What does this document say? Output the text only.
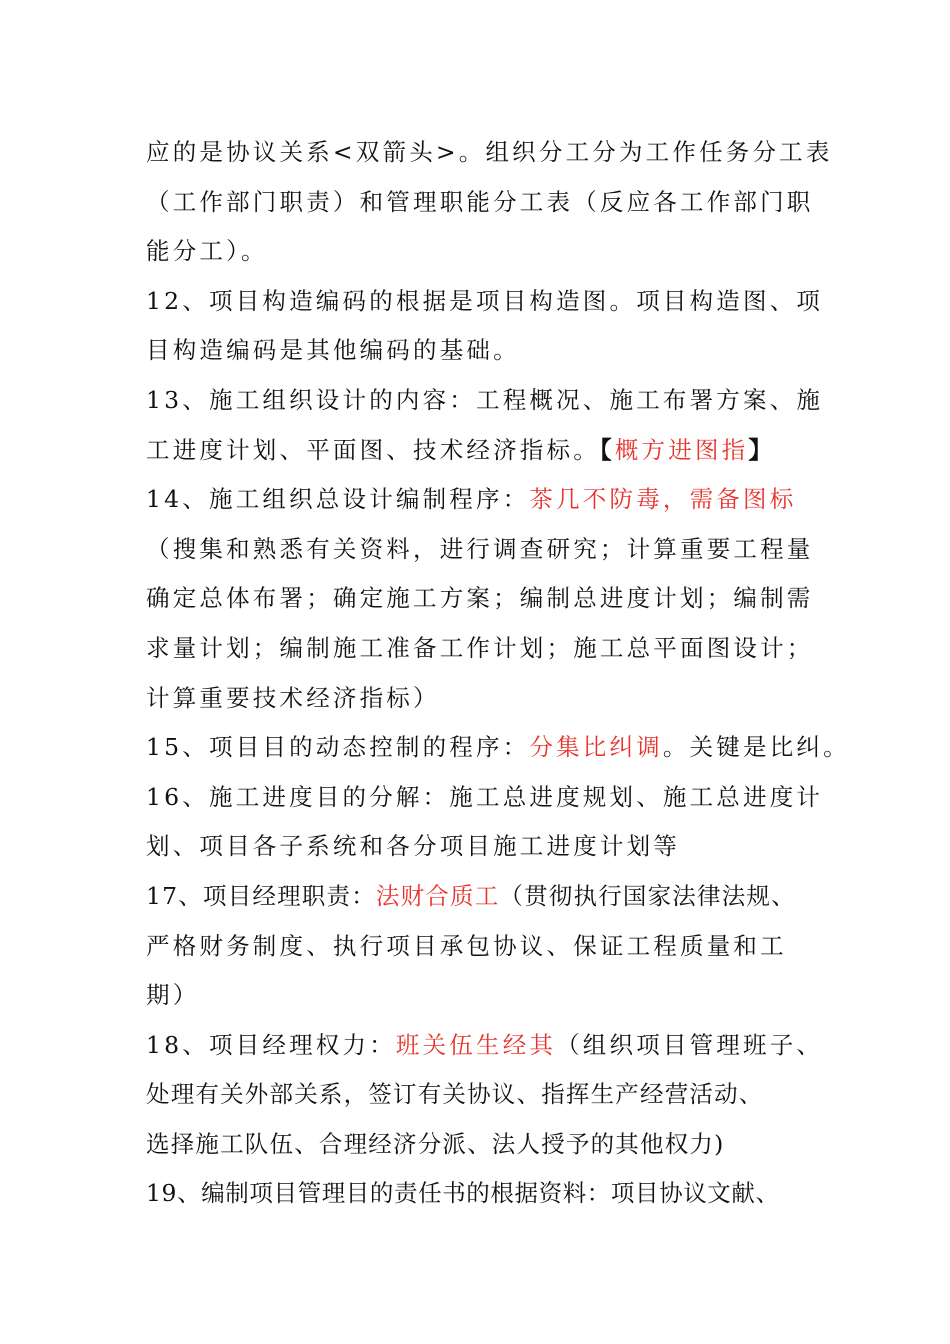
应的是协议关系<双箭头>。组织分工分为工作任务分工表
（工作部门职责）和管理职能分工表（反应各工作部门职
能分工）。
12、项目构造编码的根据是项目构造图。项目构造图、项
目构造编码是其他编码的基础。
13、施工组织设计的内容：工程概况、施工布署方案、施
工进度计划、平面图、技术经济指标。【概方进图指】
14、施工组织总设计编制程序：茶几不防毒，需备图标
（搜集和熟悉有关资料，进行调查研究；计算重要工程量
确定总体布署；确定施工方案；编制总进度计划；编制需
求量计划；编制施工准备工作计划；施工总平面图设计；
计算重要技术经济指标）
15、项目目的动态控制的程序：分集比纠调。关键是比纠。
16、施工进度目的分解：施工总进度规划、施工总进度计
划、项目各子系统和各分项目施工进度计划等
17、项目经理职责：法财合质工（贯彻执行国家法律法规、
严格财务制度、执行项目承包协议、保证工程质量和工
期）
18、项目经理权力：班关伍生经其（组织项目管理班子、
处理有关外部关系，签订有关协议、指挥生产经营活动、
选择施工队伍、合理经济分派、法人授予的其他权力)
19、编制项目管理目的责任书的根据资料：项目协议文献、
